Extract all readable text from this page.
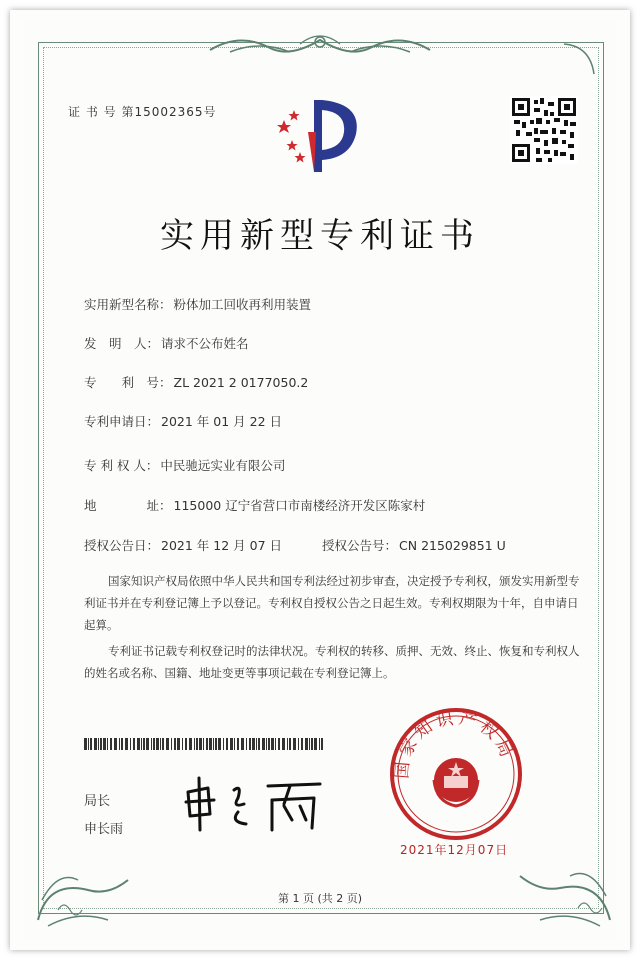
证 书 号 第15002365号
实用新型专利证书
实用新型名称： 粉体加工回收再利用装置
发　明　人： 请求不公布姓名
专　　利　号： ZL 2021 2 0177050.2
专利申请日： 2021 年 01 月 22 日
专 利 权 人： 中民驰远实业有限公司
地　　　　址： 115000 辽宁省营口市南楼经济开发区陈家村
授权公告日： 2021 年 12 月 07 日	授权公告号： CN 215029851 U

国家知识产权局依照中华人民共和国专利法经过初步审查，决定授予专利权，颁发实用新型专利证书并在专利登记簿上予以登记。专利权自授权公告之日起生效。专利权期限为十年，自申请日起算。

专利证书记载专利权登记时的法律状况。专利权的转移、质押、无效、终止、恢复和专利权人的姓名或名称、国籍、地址变更等事项记载在专利登记簿上。

局长
申长雨
国家知识产权局
2021年12月07日
第 1 页 (共 2 页)
